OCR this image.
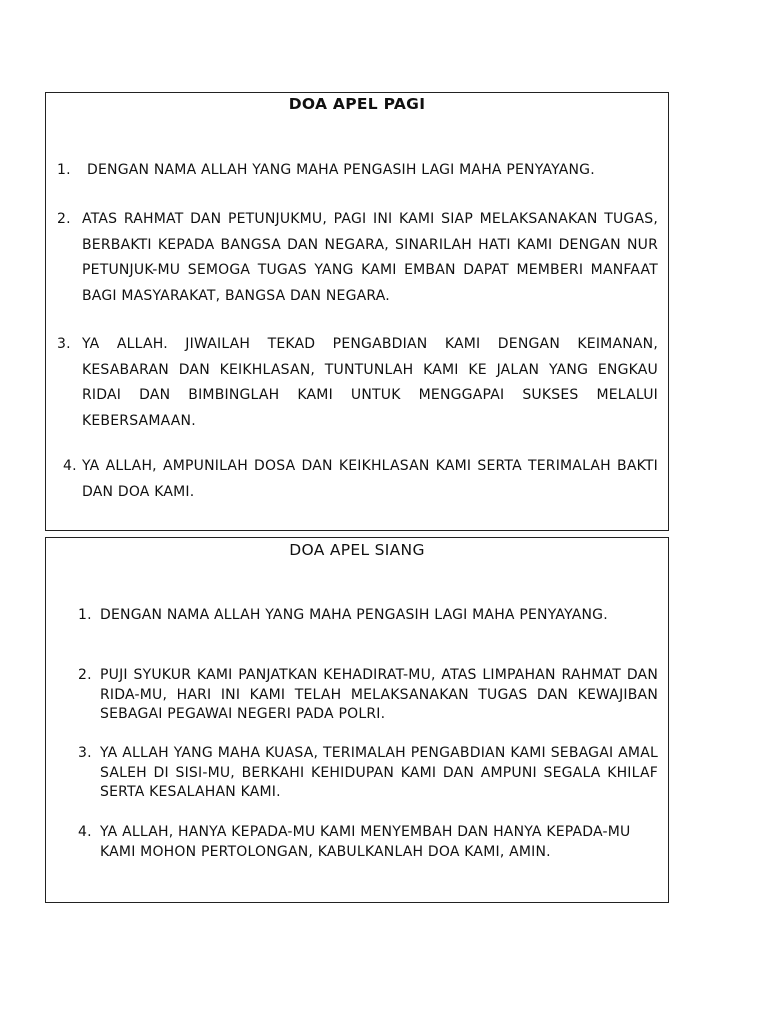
DOA APEL PAGI
1. DENGAN NAMA ALLAH YANG MAHA PENGASIH LAGI MAHA PENYAYANG.
2. ATAS RAHMAT DAN PETUNJUKMU, PAGI INI KAMI SIAP MELAKSANAKAN TUGAS, BERBAKTI KEPADA BANGSA DAN NEGARA, SINARILAH HATI KAMI DENGAN NUR PETUNJUK-MU SEMOGA TUGAS YANG KAMI EMBAN DAPAT MEMBERI MANFAAT BAGI MASYARAKAT, BANGSA DAN NEGARA.
3. YA ALLAH. JIWAILAH TEKAD PENGABDIAN KAMI DENGAN KEIMANAN, KESABARAN DAN KEIKHLASAN, TUNTUNLAH KAMI KE JALAN YANG ENGKAU RIDAI DAN BIMBINGLAH KAMI UNTUK MENGGAPAI SUKSES MELALUI KEBERSAMAAN.
4. YA ALLAH, AMPUNILAH DOSA DAN KEIKHLASAN KAMI SERTA TERIMALAH BAKTI DAN DOA KAMI.
DOA APEL SIANG
1. DENGAN NAMA ALLAH YANG MAHA PENGASIH LAGI MAHA PENYAYANG.
2. PUJI SYUKUR KAMI PANJATKAN KEHADIRAT-MU, ATAS LIMPAHAN RAHMAT DAN RIDA-MU, HARI INI KAMI TELAH MELAKSANAKAN TUGAS DAN KEWAJIBAN SEBAGAI PEGAWAI NEGERI PADA POLRI.
3. YA ALLAH YANG MAHA KUASA, TERIMALAH PENGABDIAN KAMI SEBAGAI AMAL SALEH DI SISI-MU, BERKAHI KEHIDUPAN KAMI DAN AMPUNI SEGALA KHILAF SERTA KESALAHAN KAMI.
4. YA ALLAH, HANYA KEPADA-MU KAMI MENYEMBAH DAN HANYA KEPADA-MU KAMI MOHON PERTOLONGAN, KABULKANLAH DOA KAMI, AMIN.
